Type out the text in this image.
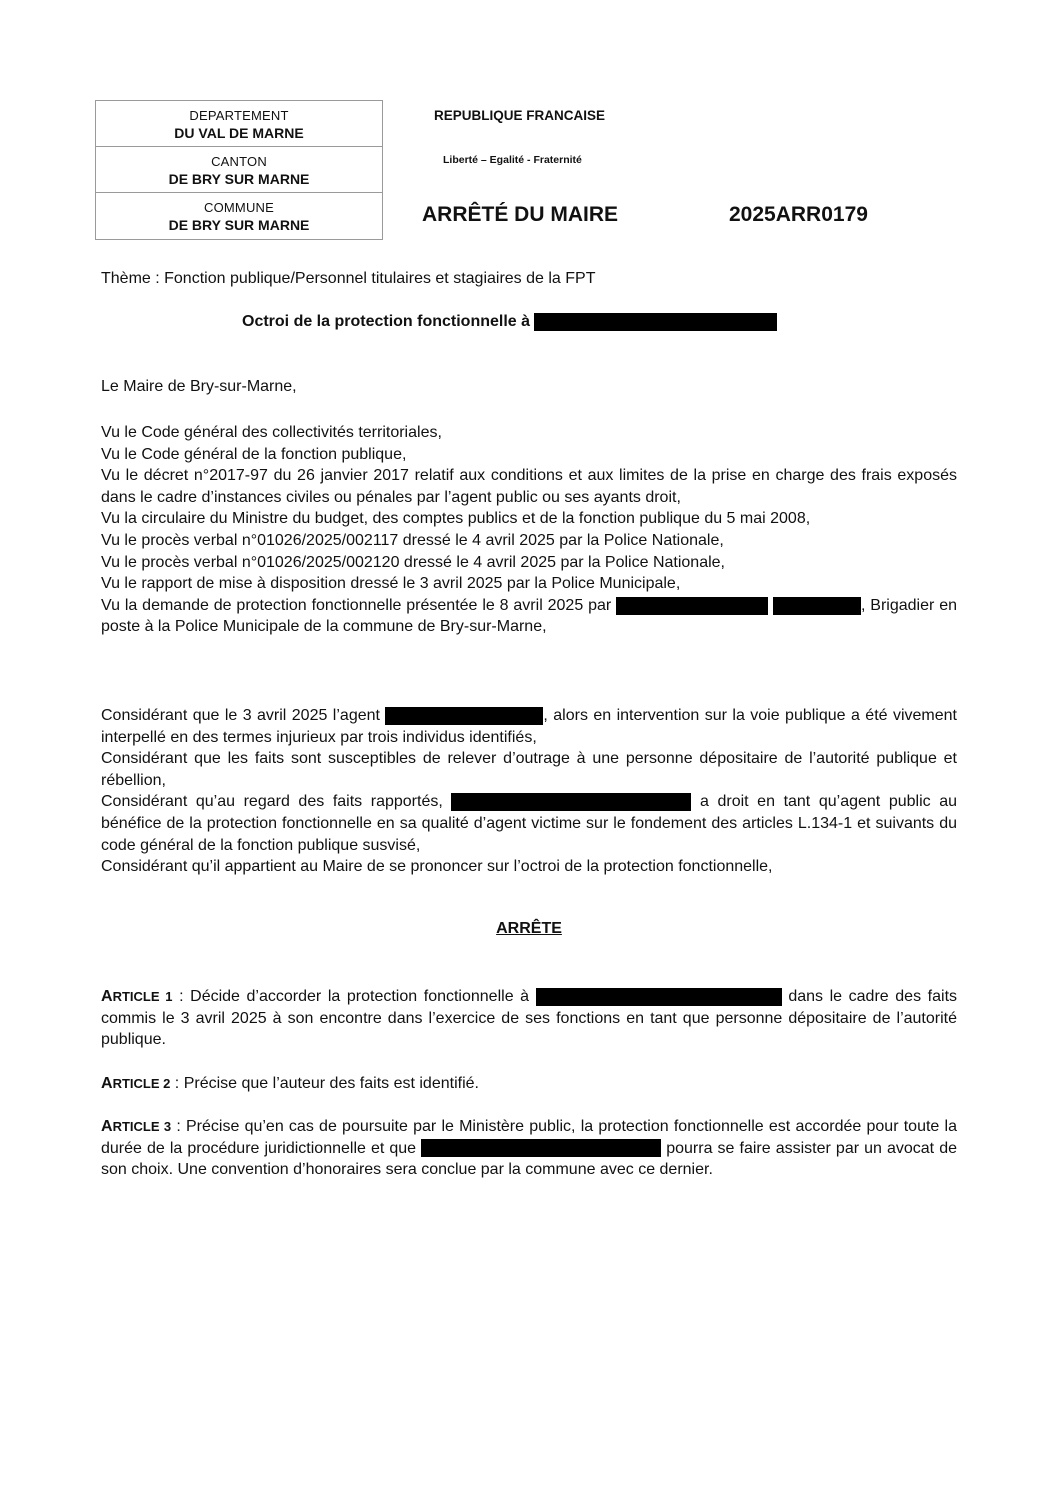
DEPARTEMENT
DU VAL DE MARNE
CANTON
DE BRY SUR MARNE
COMMUNE
DE BRY SUR MARNE
REPUBLIQUE FRANCAISE
Liberté – Egalité - Fraternité
ARRÊTÉ DU MAIRE	2025ARR0179
Thème : Fonction publique/Personnel titulaires et stagiaires de la FPT
Octroi de la protection fonctionnelle à
Le Maire de Bry-sur-Marne,

Vu le Code général des collectivités territoriales,

Vu le Code général de la fonction publique,

Vu le décret n°2017-97 du 26 janvier 2017 relatif aux conditions et aux limites de la prise en charge des frais exposés dans le cadre d’instances civiles ou pénales par l’agent public ou ses ayants droit,

Vu la circulaire du Ministre du budget, des comptes publics et de la fonction publique du 5 mai 2008,

Vu le procès verbal n°01026/2025/002117 dressé le 4 avril 2025 par la Police Nationale,

Vu le procès verbal n°01026/2025/002120 dressé le 4 avril 2025 par la Police Nationale,

Vu le rapport de mise à disposition dressé le 3 avril 2025 par la Police Municipale,

Vu la demande de protection fonctionnelle présentée le 8 avril 2025 par	, Brigadier en poste à la Police Municipale de la commune de Bry-sur-Marne,

Considérant que le 3 avril 2025 l’agent	, alors en intervention sur la voie publique a été vivement interpellé en des termes injurieux par trois individus identifiés,

Considérant que les faits sont susceptibles de relever d’outrage à une personne dépositaire de l’autorité publique et rébellion,

Considérant qu’au regard des faits rapportés,	a droit en tant qu’agent public au bénéfice de la protection fonctionnelle en sa qualité d’agent victime sur le fondement des articles L.134-1 et suivants du code général de la fonction publique susvisé,

Considérant qu’il appartient au Maire de se prononcer sur l’octroi de la protection fonctionnelle,

ARRÊTE

ARTICLE 1 : Décide d’accorder la protection fonctionnelle à	dans le cadre des faits commis le 3 avril 2025 à son encontre dans l’exercice de ses fonctions en tant que personne dépositaire de l’autorité publique.

ARTICLE 2 : Précise que l’auteur des faits est identifié.

ARTICLE 3 : Précise qu’en cas de poursuite par le Ministère public, la protection fonctionnelle est accordée pour toute la durée de la procédure juridictionnelle et que	pourra se faire assister par un avocat de son choix. Une convention d’honoraires sera conclue par la commune avec ce dernier.
